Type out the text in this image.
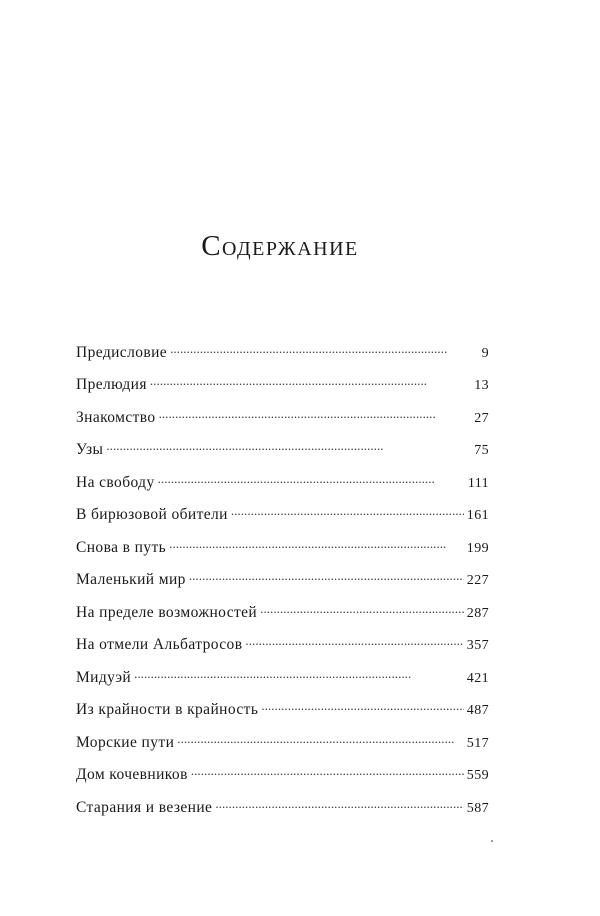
Содержание
Предисловие . . .	9
Прелюдия . . .	13
Знакомство . . .	27
Узы . . .	75
На свободу . . .	111
В бирюзовой обители . . .	161
Снова в путь . . .	199
Маленький мир . . .	227
На пределе возможностей . . .	287
На отмели Альбатросов . . .	357
Мидуэй . . .	421
Из крайности в крайность . . .	487
Морские пути . . .	517
Дом кочевников . . .	559
Старания и везение . . .	587
